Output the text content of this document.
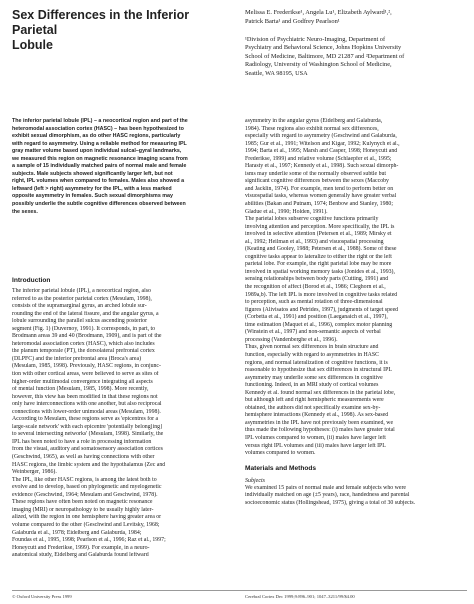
Sex Differences in the Inferior Parietal
Lobule
Melissa E. Frederikse¹, Angela Lu¹, Elizabeth Aylward¹,²,
Patrick Barta¹ and Godfrey Pearlson¹
¹Division of Psychiatric Neuro-Imaging, Department of
Psychiatry and Behavioral Science, Johns Hopkins University
School of Medicine, Baltimore, MD 21287 and ²Department of
Radiology, University of Washington School of Medicine,
Seattle, WA 98195, USA
The inferior parietal lobule (IPL) – a neocortical region and part of the
heteromodal association cortex (HASC) – has been hypothesized to
exhibit sexual dimorphism, as do other HASC regions, particularly
with regard to asymmetry. Using a reliable method for measuring IPL
gray matter volume based upon individual sulcal–gyral landmarks,
we measured this region on magnetic resonance imaging scans from
a sample of 15 individually matched pairs of normal male and female
subjects. Male subjects showed significantly larger left, but not
right, IPL volumes when compared to females. Males also showed a
leftward (left > right) asymmetry for the IPL, with a less marked
opposite asymmetry in females. Such sexual dimorphisms may
possibly underlie the subtle cognitive differences observed between
the sexes.
Introduction
The inferior parietal lobule (IPL), a neocortical region, also
referred to as the posterior parietal cortex (Mesulam, 1998),
consists of the supramarginal gyrus, an arched lobule sur-
rounding the end of the lateral fissure, and the angular gyrus, a
lobule surrounding the parallel sulcus ascending posterior
segment (Fig. 1) (Duvernoy, 1991). It corresponds, in part, to
Brodmann areas 39 and 40 (Brodmann, 1909), and is part of the
heteromodal association cortex (HASC), which also includes
the planum temporale (PT), the dorsolateral prefrontal cortex
(DLPFC) and the inferior prefrontal area (Broca's area)
(Mesulam, 1985, 1998). Previously, HASC regions, in conjunc-
tion with other cortical areas, were believed to serve as sites of
higher-order multimodal convergence integrating all aspects
of mental function (Mesulam, 1985, 1998). More recently,
however, this view has been modified in that these regions not
only have interconnections with one another, but also reciprocal
connections with lower-order unimodal areas (Mesulam, 1998).
According to Mesulam, these regions serve as 'epicentres for a
large-scale network' with each epicentre 'potentially belong[ing]
to several intersecting networks' (Mesulam, 1998). Similarly, the
IPL has been noted to have a role in processing information
from the visual, auditory and somatosensory association cortices
(Geschwind, 1965), as well as having connections with other
HASC regions, the limbic system and the hypothalamus (Zec and
Weinberger, 1986).
The IPL, like other HASC regions, is among the latest both to
evolve and to develop, based on phylogenetic and myelogenetic
evidence (Geschwind, 1964; Mesulam and Geschwind, 1978).
These regions have often been noted on magnetic resonance
imaging (MRI) or neuropathology to be usually highly later-
alized, with the region in one hemisphere having greater area or
volume compared to the other (Geschwind and Levitsky, 1968;
Galaburda et al., 1978; Eidelberg and Galaburda, 1984;
Foundas et al., 1995, 1998; Pearlson et al., 1996; Raz et al., 1997;
Honeycutt and Frederikse, 1999). For example, in a neuro-
anatomical study, Eidelberg and Galaburda found leftward
asymmetry in the angular gyrus (Eidelberg and Galaburda,
1984). These regions also exhibit normal sex differences,
especially with regard to asymmetry (Geschwind and Galaburda,
1985; Gur et al., 1991; Witelson and Kigar, 1992; Kulynych et al.,
1994; Barta et al., 1995; Marsh and Casper, 1998; Honeycutt and
Frederikse, 1999) and relative volume (Schlaepfer et al., 1995;
Harasty et al., 1997; Kennedy et al., 1998). Such sexual dimorph-
isms may underlie some of the normally observed subtle but
significant cognitive differences between the sexes (Maccoby
and Jacklin, 1974). For example, men tend to perform better on
visuospatial tasks, whereas women generally have greater verbal
abilities (Bakan and Putnam, 1974; Benbow and Stanley, 1980;
Gladue et al., 1990; Holden, 1991).
The parietal lobes subserve cognitive functions primarily
involving attention and perception. More specifically, the IPL is
involved in selective attention (Petersen et al., 1989; Mirsky et
al., 1992; Heilman et al., 1993) and visuospatial processing
(Keating and Gooley, 1988; Petersen et al., 1988). Some of these
cognitive tasks appear to lateralize to either the right or the left
parietal lobe. For example, the right parietal lobe may be more
involved in spatial working memory tasks (Jonides et al., 1993),
sensing relationships between body parts (Cutting, 1991) and
the recognition of affect (Borod et al., 1986; Cleghorn et al.,
1989a,b). The left IPL is more involved in cognitive tasks related
to perception, such as mental rotation of three-dimensional
figures (Alivisatos and Petrides, 1997), judgments of target speed
(Corbetta et al., 1991) and position (Laeganaich et al., 1997),
time estimation (Maquet et al., 1996), complex motor planning
(Winstein et al., 1997) and non-semantic aspects of verbal
processing (Vandenberghe et al., 1996).
Thus, given normal sex differences in brain structure and
function, especially with regard to asymmetries in HASC
regions, and normal lateralization of cognitive functions, it is
reasonable to hypothesize that sex differences in structural IPL
asymmetry may underlie some sex differences in cognitive
functioning. Indeed, in an MRI study of cortical volumes
Kennedy et al. found normal sex differences in the parietal lobe,
but although left and right hemispheric measurements were
obtained, the authors did not specifically examine sex-by-
hemisphere interactions (Kennedy et al., 1998). As sex-based
asymmetries in the IPL have not previously been examined, we
thus made the following hypotheses: (i) males have greater total
IPL volumes compared to women, (ii) males have larger left
versus right IPL volumes and (iii) males have larger left IPL
volumes compared to women.
Materials and Methods
Subjects
We examined 15 pairs of normal male and female subjects who were
individually matched on age (±5 years), race, handedness and parental
socioeconomic status (Hollingshead, 1975), giving a total of 30 subjects.
© Oxford University Press 1999	Cerebral Cortex Dec 1999;9:896–901; 1047–3211/99/$4.00
